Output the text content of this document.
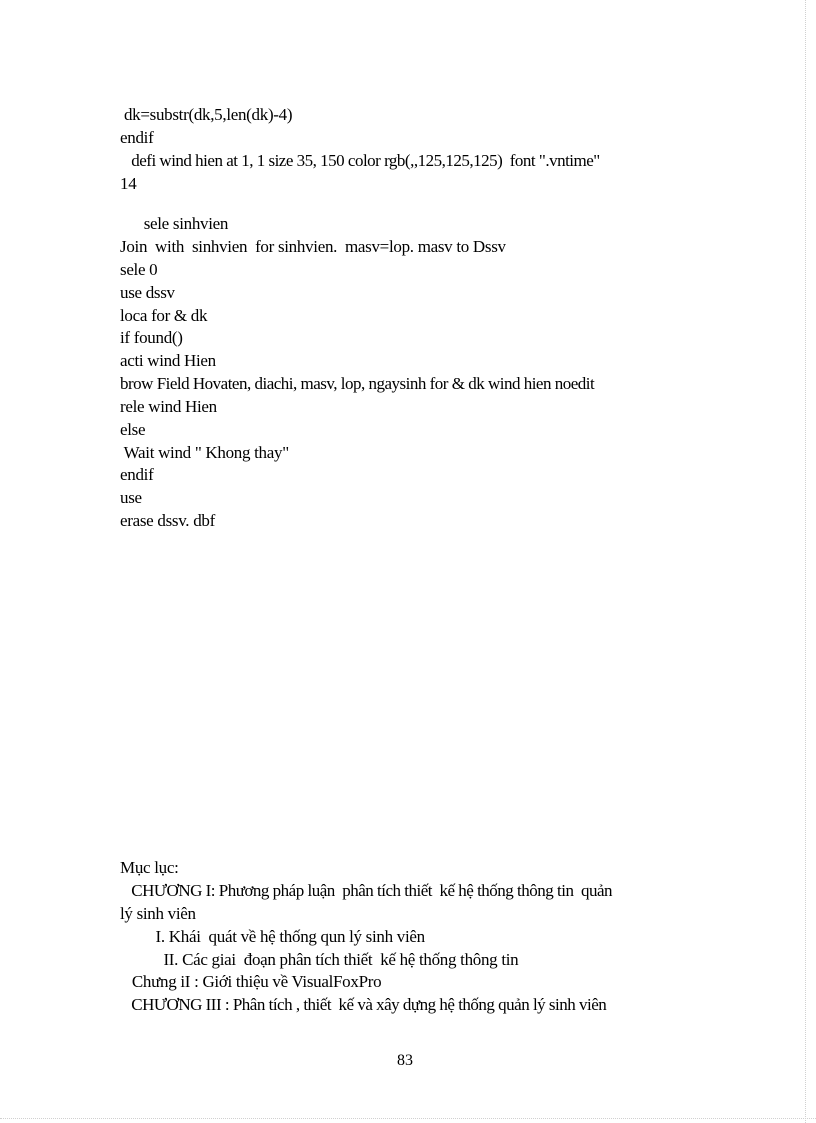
dk=substr(dk,5,len(dk)-4)
endif
defi wind hien at 1, 1 size 35, 150 color rgb(,,125,125,125)  font ".vntime"
14
sele sinhvien
Join  with  sinhvien  for sinhvien.  masv=lop. masv to Dssv
sele 0
use dssv
loca for & dk
if found()
acti wind Hien
brow Field Hovaten, diachi, masv, lop, ngaysinh for & dk wind hien noedit
rele wind Hien
else
Wait wind " Khong thay"
endif
use
erase dssv. dbf
Mục lục:
CHƯƠNG I: Phương pháp luận  phân tích thiết  kế hệ thống thông tin  quản
lý sinh viên
I. Khái  quát về hệ thống qun lý sinh viên
II. Các giai  đoạn phân tích thiết  kế hệ thống thông tin
Chưng iI : Giới thiệu về VisualFoxPro
CHƯƠNG III : Phân tích , thiết  kế và xây dựng hệ thống quản lý sinh viên
83
